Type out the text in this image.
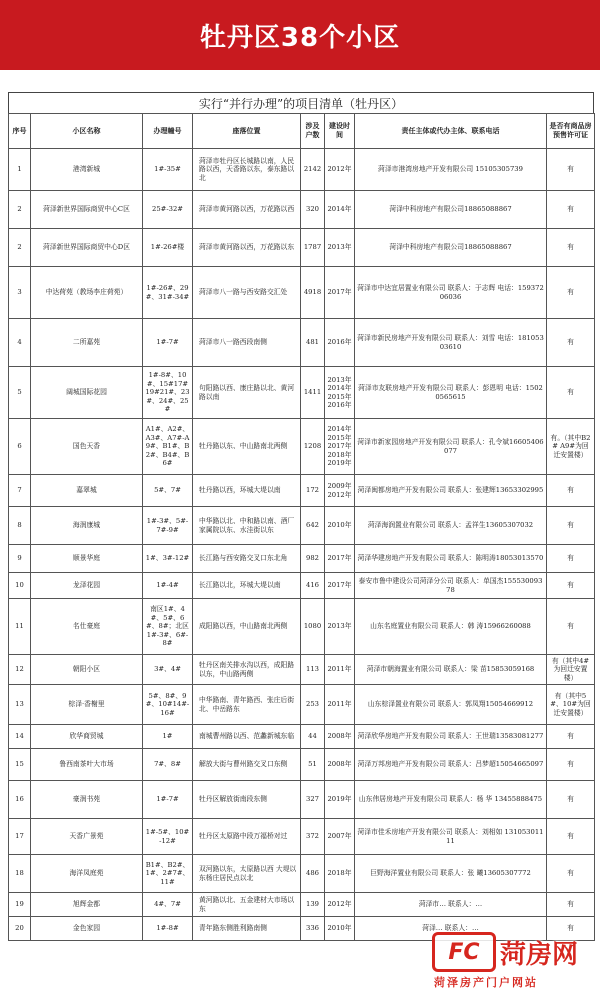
牡丹区38个小区
实行“并行办理”的项目清单（牡丹区）
序号	小区名称	办理幢号	座落位置	涉及户数	建设时间	责任主体或代办主体、联系电话	是否有商品房预售许可证
1	港湾新城	1#-35#	菏泽市牡丹区长城路以南，人民路以西，天香路以东，泰东路以北	2142	2012年	菏泽市港湾房地产开发有限公司 15105305739	有
2	菏泽新世界国际商贸中心C区	25#-32#	菏泽市黄河路以西，万花路以西	320	2014年	菏泽中科房地产有限公司18865088867	有
2	菏泽新世界国际商贸中心D区	1#-26#楼	菏泽市黄河路以西，万花路以东	1787	2013年	菏泽中科房地产有限公司18865088867	有
3	中达荷苑（教场李庄荷苑）	1#-26#、29#、31#-34#	菏泽市八一路与西安路交汇处	4918	2017年	菏泽市中达宜居置业有限公司 联系人：于志辉 电话：15937206036	有
4	二所嘉苑	1#-7#	菏泽市八一路西段南侧	481	2016年	菏泽市新民房地产开发有限公司 联系人：刘雪 电话：18105303610	有
5	阔城国际花园	1#-8#、10#、15#17#19#21#、23#、24#、25#	句阳路以西、康庄路以北、黄河路以南	1411	2013年 2014年 2015年 2016年	菏泽市友联房地产开发有限公司 联系人：彭恩明 电话：15020565615	有
6	国色天香	A1#、A2#、A3#、A7#-A9#、B1#、B2#、B4#、B6#	牡丹路以东、中山路南北两侧	1208	2014年 2015年 2017年 2018年 2019年	菏泽市新家园房地产开发有限公司 联系人：孔令斌16605406077	有。（其中B2# A9#为回迁安置楼）
7	嘉翠城	5#、7#	牡丹路以西，环城大堤以南	172	2009年 2012年	菏泽闽都房地产开发有限公司 联系人：张建辉13653302995	有
8	海润康城	1#-3#、5#-7#-9#	中华路以北、中和路以南、酒厂家属院以东、水洼街以东	642	2010年	菏泽海润置业有限公司 联系人：孟祥生13605307032	有
9	顺景华庭	1#、3#-12#	长江路与西安路交叉口东北角	982	2017年	菏泽华建房地产开发有限公司 联系人：陈明涛18053013570	有
10	龙泽花园	1#-4#	长江路以北，环城大堤以南	416	2017年	泰安市鲁中建设公司菏泽分公司 联系人：单国杰15553009378	有
11	名仕豪庭	南区1#、4#、5#、6#、8#；北区1#-3#、6#-8#	成阳路以西，中山路南北两侧	1080	2013年	山东名庭置业有限公司 联系人：韩 涛15966260088	有
12	朝阳小区	3#、4#	牡丹区南关排水沟以西，成阳路以东，中山路两侧	113	2011年	菏泽市朝海置业有限公司 联系人：梁 苗15853059168	有（其中4#为回迁安置楼）
13	棕泽·香榭里	5#、8#、9#、10#14#-16#	中华路南、青年路西、张庄后街北、中岳路东	253	2011年	山东棕泽置业有限公司 联系人：郭凤翔15054669912	有（其中5#、10#为回迁安置楼）
14	欣华商贸城	1#	南城曹州路以西、范蠡新城东临	44	2008年	菏泽欣华房地产开发有限公司 联系人：王世瑞13583081277	有
15	鲁西南茶叶大市场	7#、8#	解放大街与曹州路交叉口东侧	51	2008年	菏泽万邦房地产开发有限公司 联系人：吕梦超15054665097	有
16	豪润书苑	1#-7#	牡丹区解放街南段东侧	327	2019年	山东伟居房地产开发有限公司 联系人：杨 华 13455888475	有
17	天香广景苑	1#-5#、10#-12#	牡丹区太原路中段万福桥对过	372	2007年	菏泽市佳禾房地产开发有限公司 联系人：刘相如 13105301111	有
18	海洋凤庭苑	B1#、B2#、1#、2#7#、11#	双河路以东，太原路以西 大堤以东杨庄居民点以北	486	2018年	巨野海洋置业有限公司 联系人：张 曦13605307772	有
19	旭辉金都	4#、7#	黄河路以北、五金建材大市场以东	139	2012年	菏泽市… 联系人：…	有
20	金色家园	1#-8#	青年路东侧胜利路南侧	336	2010年	菏泽… 联系人：…	有
FC 菏房网
菏泽房产门户网站
